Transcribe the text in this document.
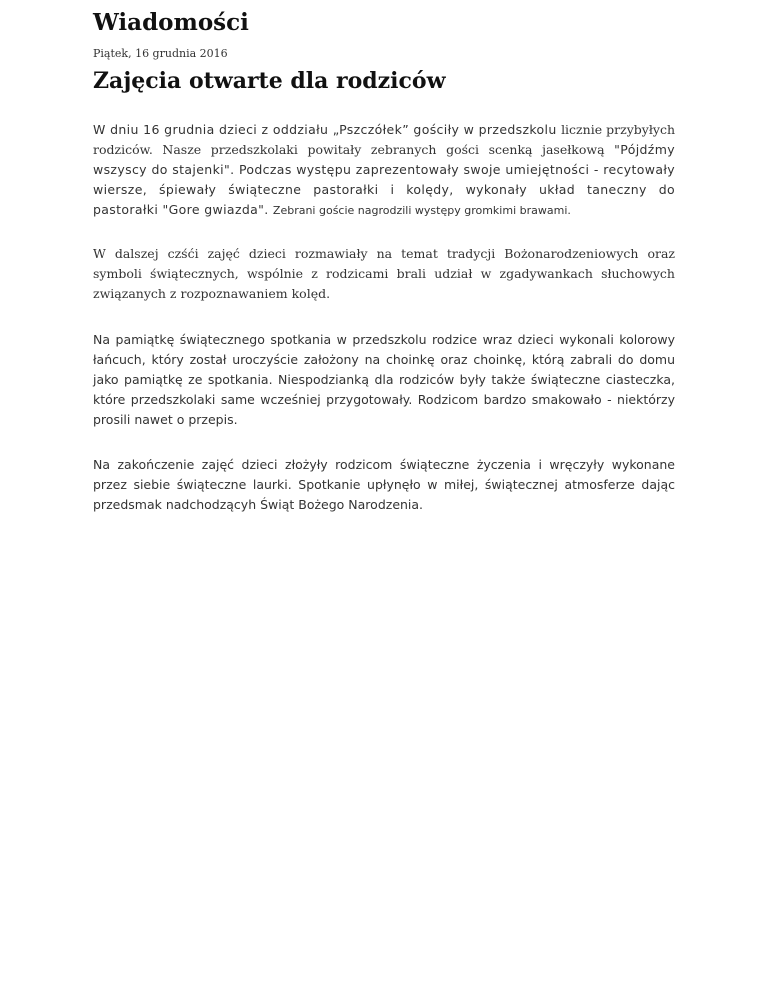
Wiadomości
Piątek, 16 grudnia 2016
Zajęcia otwarte dla rodziców

W dniu 16 grudnia dzieci z oddziału „Pszczółek” gościły w przedszkolu licznie przybyłych rodziców. Nasze przedszkolaki powitały zebranych gości scenką jasełkową "Pójdźmy wszyscy do stajenki". Podczas występu zaprezentowały swoje umiejętności - recytowały wiersze, śpiewały świąteczne pastorałki i kolędy, wykonały układ taneczny do pastorałki "Gore gwiazda". Zebrani goście nagrodzili występy gromkimi brawami.

W dalszej czśći zajęć dzieci rozmawiały na temat tradycji Bożonarodzeniowych oraz symboli świątecznych, wspólnie z rodzicami brali udział w zgadywankach słuchowych związanych z rozpoznawaniem kolęd.

Na pamiątkę świątecznego spotkania w przedszkolu rodzice wraz dzieci wykonali kolorowy łańcuch, który został uroczyście założony na choinkę oraz choinkę, którą zabrali do domu jako pamiątkę ze spotkania. Niespodzianką dla rodziców były także świąteczne ciasteczka, które przedszkolaki same wcześniej przygotowały. Rodzicom bardzo smakowało - niektórzy prosili nawet o przepis.

Na zakończenie zajęć dzieci złożyły rodzicom świąteczne życzenia i wręczyły wykonane przez siebie świąteczne laurki. Spotkanie upłynęło w miłej, świątecznej atmosferze dając przedsmak nadchodzącyh Świąt Bożego Narodzenia.
